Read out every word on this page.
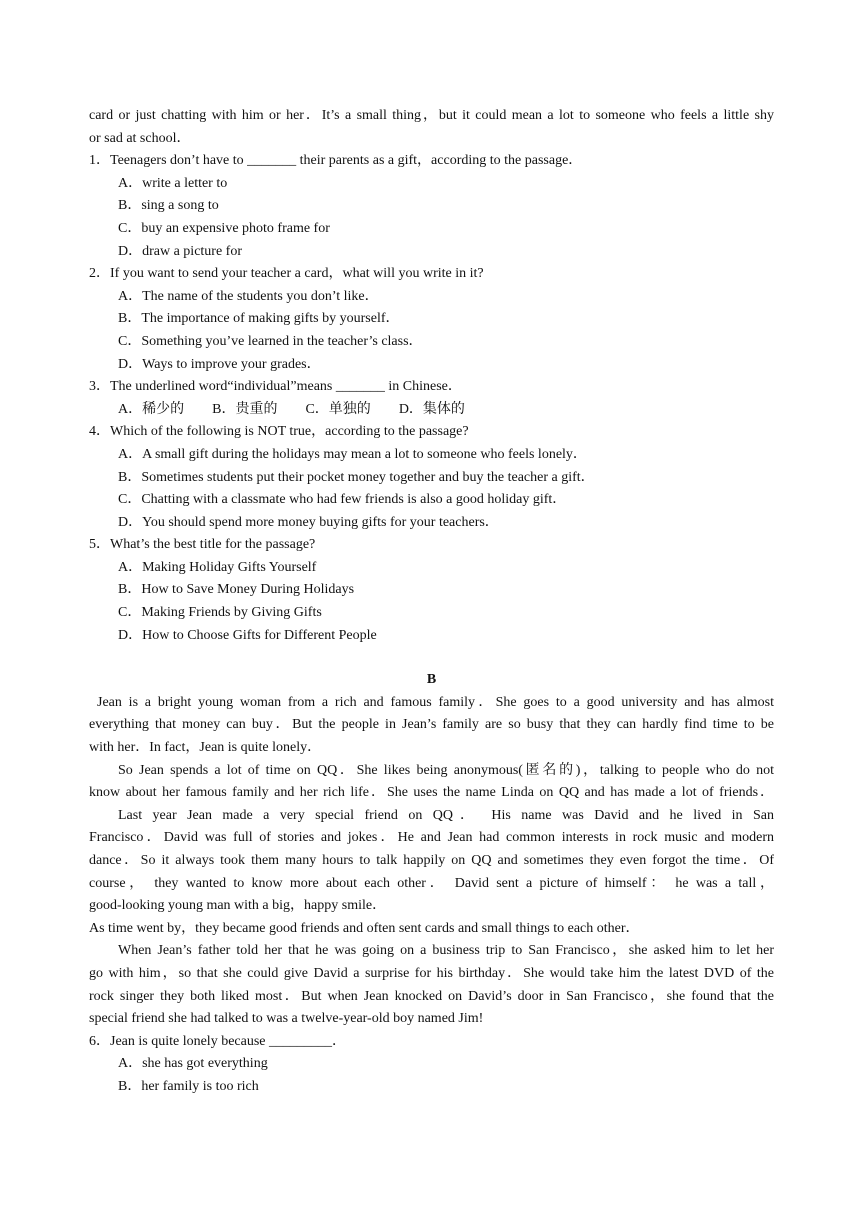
card or just chatting with him or her．It’s a small thing，but it could mean a lot to someone who feels a little shy
or sad at school．
1．Teenagers don’t have to _______ their parents as a gift，according to the passage．
A．write a letter to
B．sing a song to
C．buy an expensive photo frame for
D．draw a picture for
2．If you want to send your teacher a card，what will you write in it?
A．The name of the students you don’t like．
B．The importance of making gifts by yourself．
C．Something you’ve learned in the teacher’s class．
D．Ways to improve your grades．
3．The underlined word“individual”means _______ in Chinese．
A．稀少的 B．贵重的 C．单独的 D．集体的
4．Which of the following is NOT true，according to the passage?
A．A small gift during the holidays may mean a lot to someone who feels lonely．
B．Sometimes students put their pocket money together and buy the teacher a gift．
C．Chatting with a classmate who had few friends is also a good holiday gift．
D．You should spend more money buying gifts for your teachers．
5．What’s the best title for the passage?
A．Making Holiday Gifts Yourself
B．How to Save Money During Holidays
C．Making Friends by Giving Gifts
D．How to Choose Gifts for Different People
B
Jean is a bright young woman from a rich and famous family．She goes to a good university and has almost
everything that money can buy．But the people in Jean’s family are so busy that they can hardly find time to be
with her．In fact，Jean is quite lonely．
So Jean spends a lot of time on QQ．She likes being anonymous(匿名的)，talking to people who do not
know about her famous family and her rich life．She uses the name Linda on QQ and has made a lot of friends．
Last year Jean made a very special friend on QQ． His name was David and he lived in San
Francisco．David was full of stories and jokes．He and Jean had common interests in rock music and modern
dance．So it always took them many hours to talk happily on QQ and sometimes they even forgot the time．Of
course， they wanted to know more about each other． David sent a picture of himself： he was a tall，
good-looking young man with a big，happy smile．
As time went by，they became good friends and often sent cards and small things to each other．
When Jean’s father told her that he was going on a business trip to San Francisco，she asked him to let her
go with him，so that she could give David a surprise for his birthday．She would take him the latest DVD of the
rock singer they both liked most．But when Jean knocked on David’s door in San Francisco，she found that the
special friend she had talked to was a twelve-year-old boy named Jim!
6．Jean is quite lonely because _________．
A．she has got everything
B．her family is too rich
